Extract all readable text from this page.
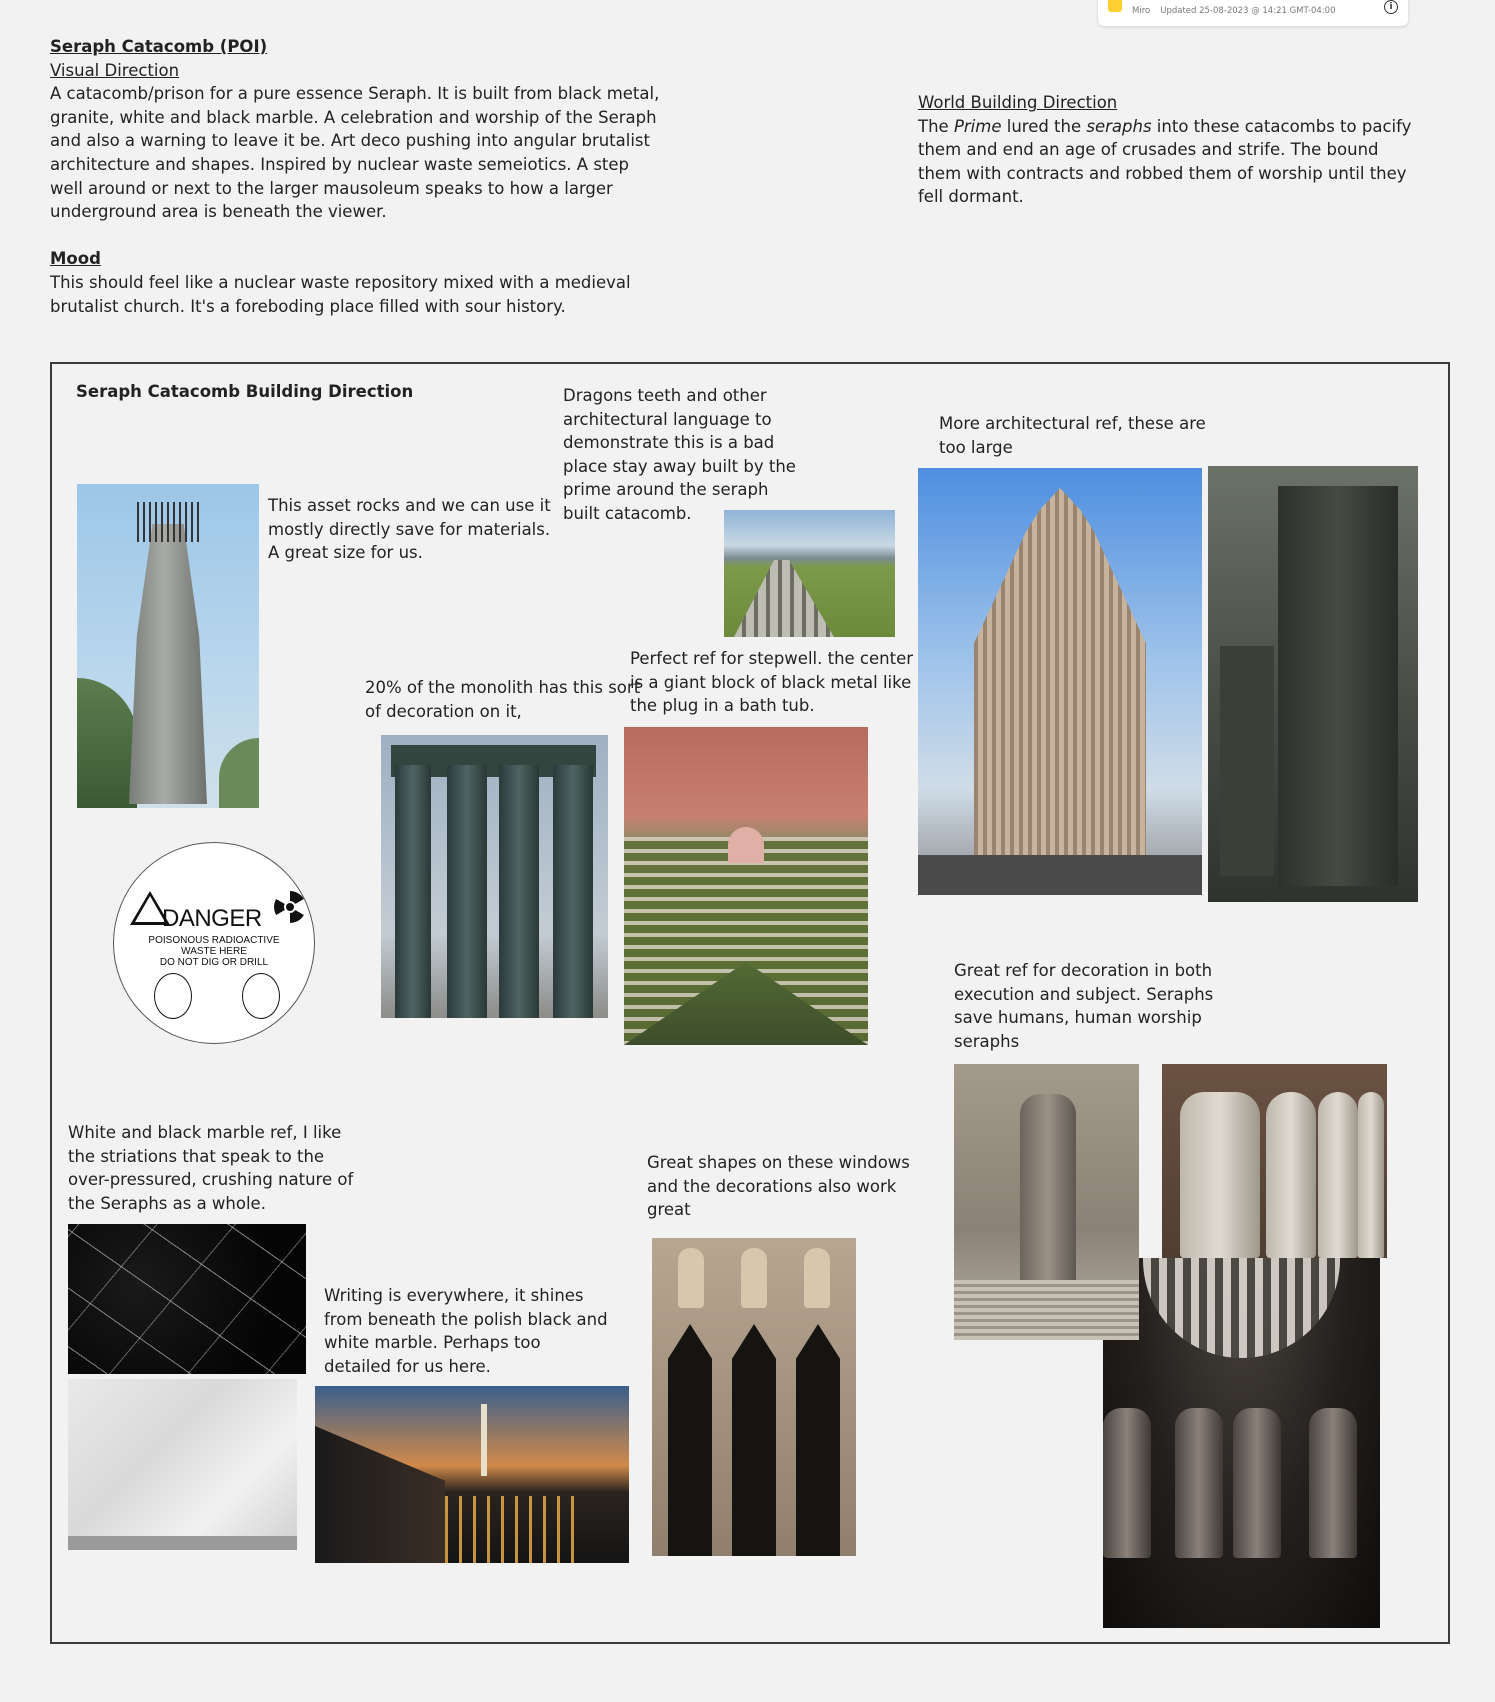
Miro Updated 25-08-2023 @ 14:21 GMT-04:00	i

Seraph Catacomb (POI)

Visual Direction

A catacomb/prison for a pure essence Seraph. It is built from black metal,

granite, white and black marble. A celebration and worship of the Seraph

and also a warning to leave it be. Art deco pushing into angular brutalist

architecture and shapes. Inspired by nuclear waste semeiotics. A step

well around or next to the larger mausoleum speaks to how a larger

underground area is beneath the viewer.

Mood

This should feel like a nuclear waste repository mixed with a medieval

brutalist church. It's a foreboding place filled with sour history.

World Building Direction

The Prime lured the seraphs into these catacombs to pacify

them and end an age of crusades and strife. The bound

them with contracts and robbed them of worship until they

fell dormant.

Seraph Catacomb Building Direction

This asset rocks and we can use it

mostly directly save for materials.

A great size for us.

Dragons teeth and other

architectural language to

demonstrate this is a bad

place stay away built by the

prime around the seraph

built catacomb.

More architectural ref, these are

too large

20% of the monolith has this sort

of decoration on it,

Perfect ref for stepwell. the center

is a giant block of black metal like

the plug in a bath tub.

Great ref for decoration in both

execution and subject. Seraphs

save humans, human worship

seraphs

White and black marble ref, I like

the striations that speak to the

over-pressured, crushing nature of

the Seraphs as a whole.

Great shapes on these windows

and the decorations also work

great

Writing is everywhere, it shines

from beneath the polish black and

white marble. Perhaps too

detailed for us here.

DANGER
POISONOUS RADIOACTIVE
WASTE HERE
DO NOT DIG OR DRILL
